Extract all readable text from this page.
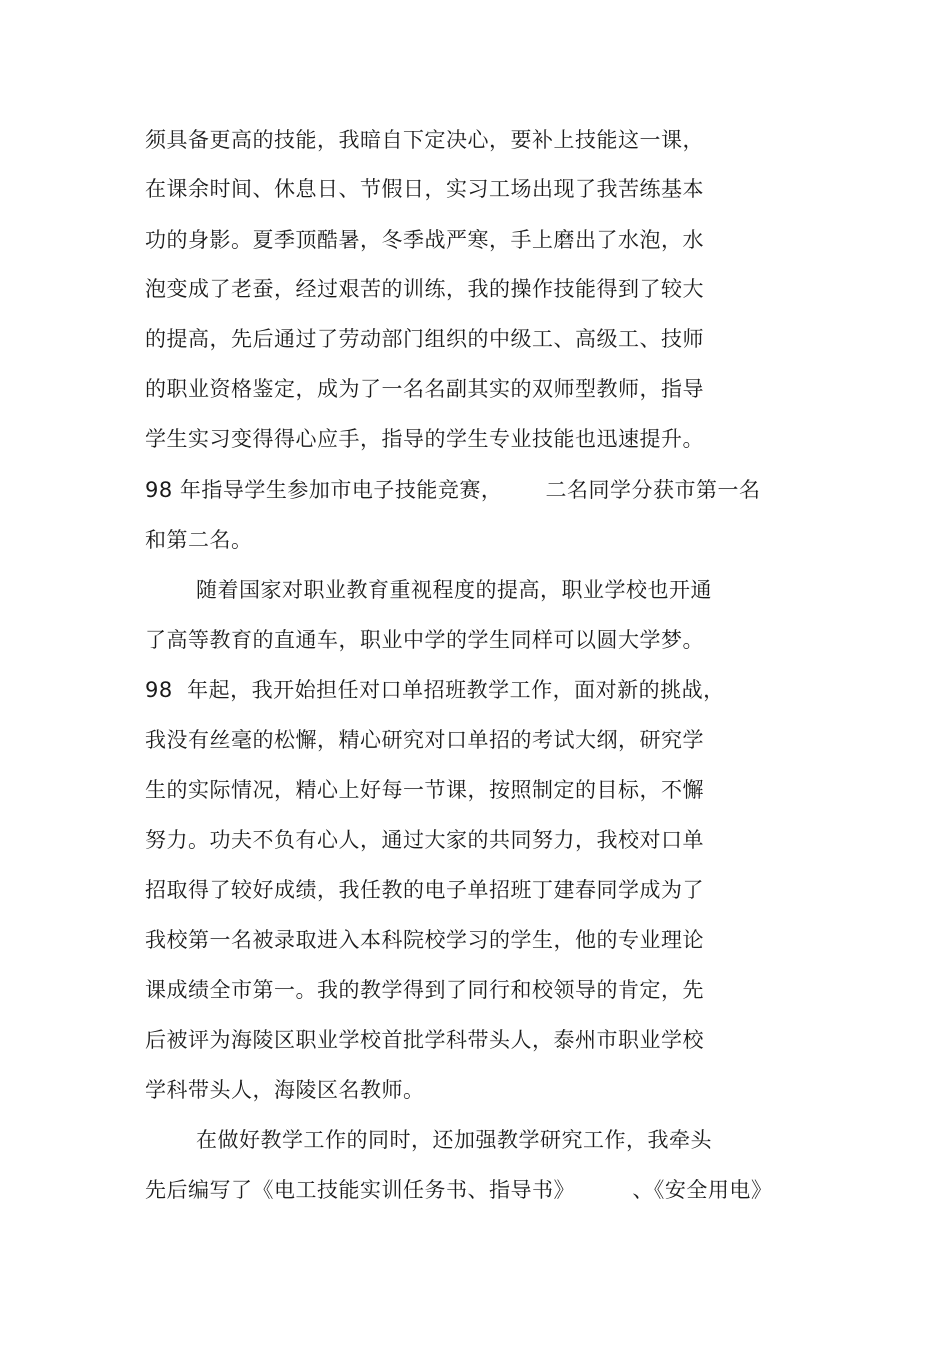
须具备更高的技能，我暗自下定决心，要补上技能这一课，
在课余时间、休息日、节假日，实习工场出现了我苦练基本
功的身影。夏季顶酷暑，冬季战严寒，手上磨出了水泡，水
泡变成了老蚕，经过艰苦的训练，我的操作技能得到了较大
的提高，先后通过了劳动部门组织的中级工、高级工、技师
的职业资格鉴定，成为了一名名副其实的双师型教师，指导
学生实习变得得心应手，指导的学生专业技能也迅速提升。
98 年指导学生参加市电子技能竞赛，      二名同学分获市第一名
和第二名。
随着国家对职业教育重视程度的提高，职业学校也开通
了高等教育的直通车，职业中学的学生同样可以圆大学梦。
98  年起，我开始担任对口单招班教学工作，面对新的挑战，
我没有丝毫的松懈，精心研究对口单招的考试大纲，研究学
生的实际情况，精心上好每一节课，按照制定的目标，不懈
努力。功夫不负有心人，通过大家的共同努力，我校对口单
招取得了较好成绩，我任教的电子单招班丁建春同学成为了
我校第一名被录取进入本科院校学习的学生，他的专业理论
课成绩全市第一。我的教学得到了同行和校领导的肯定，先
后被评为海陵区职业学校首批学科带头人，泰州市职业学校
学科带头人，海陵区名教师。
在做好教学工作的同时，还加强教学研究工作，我牵头
先后编写了《电工技能实训任务书、指导书》        、《安全用电》
